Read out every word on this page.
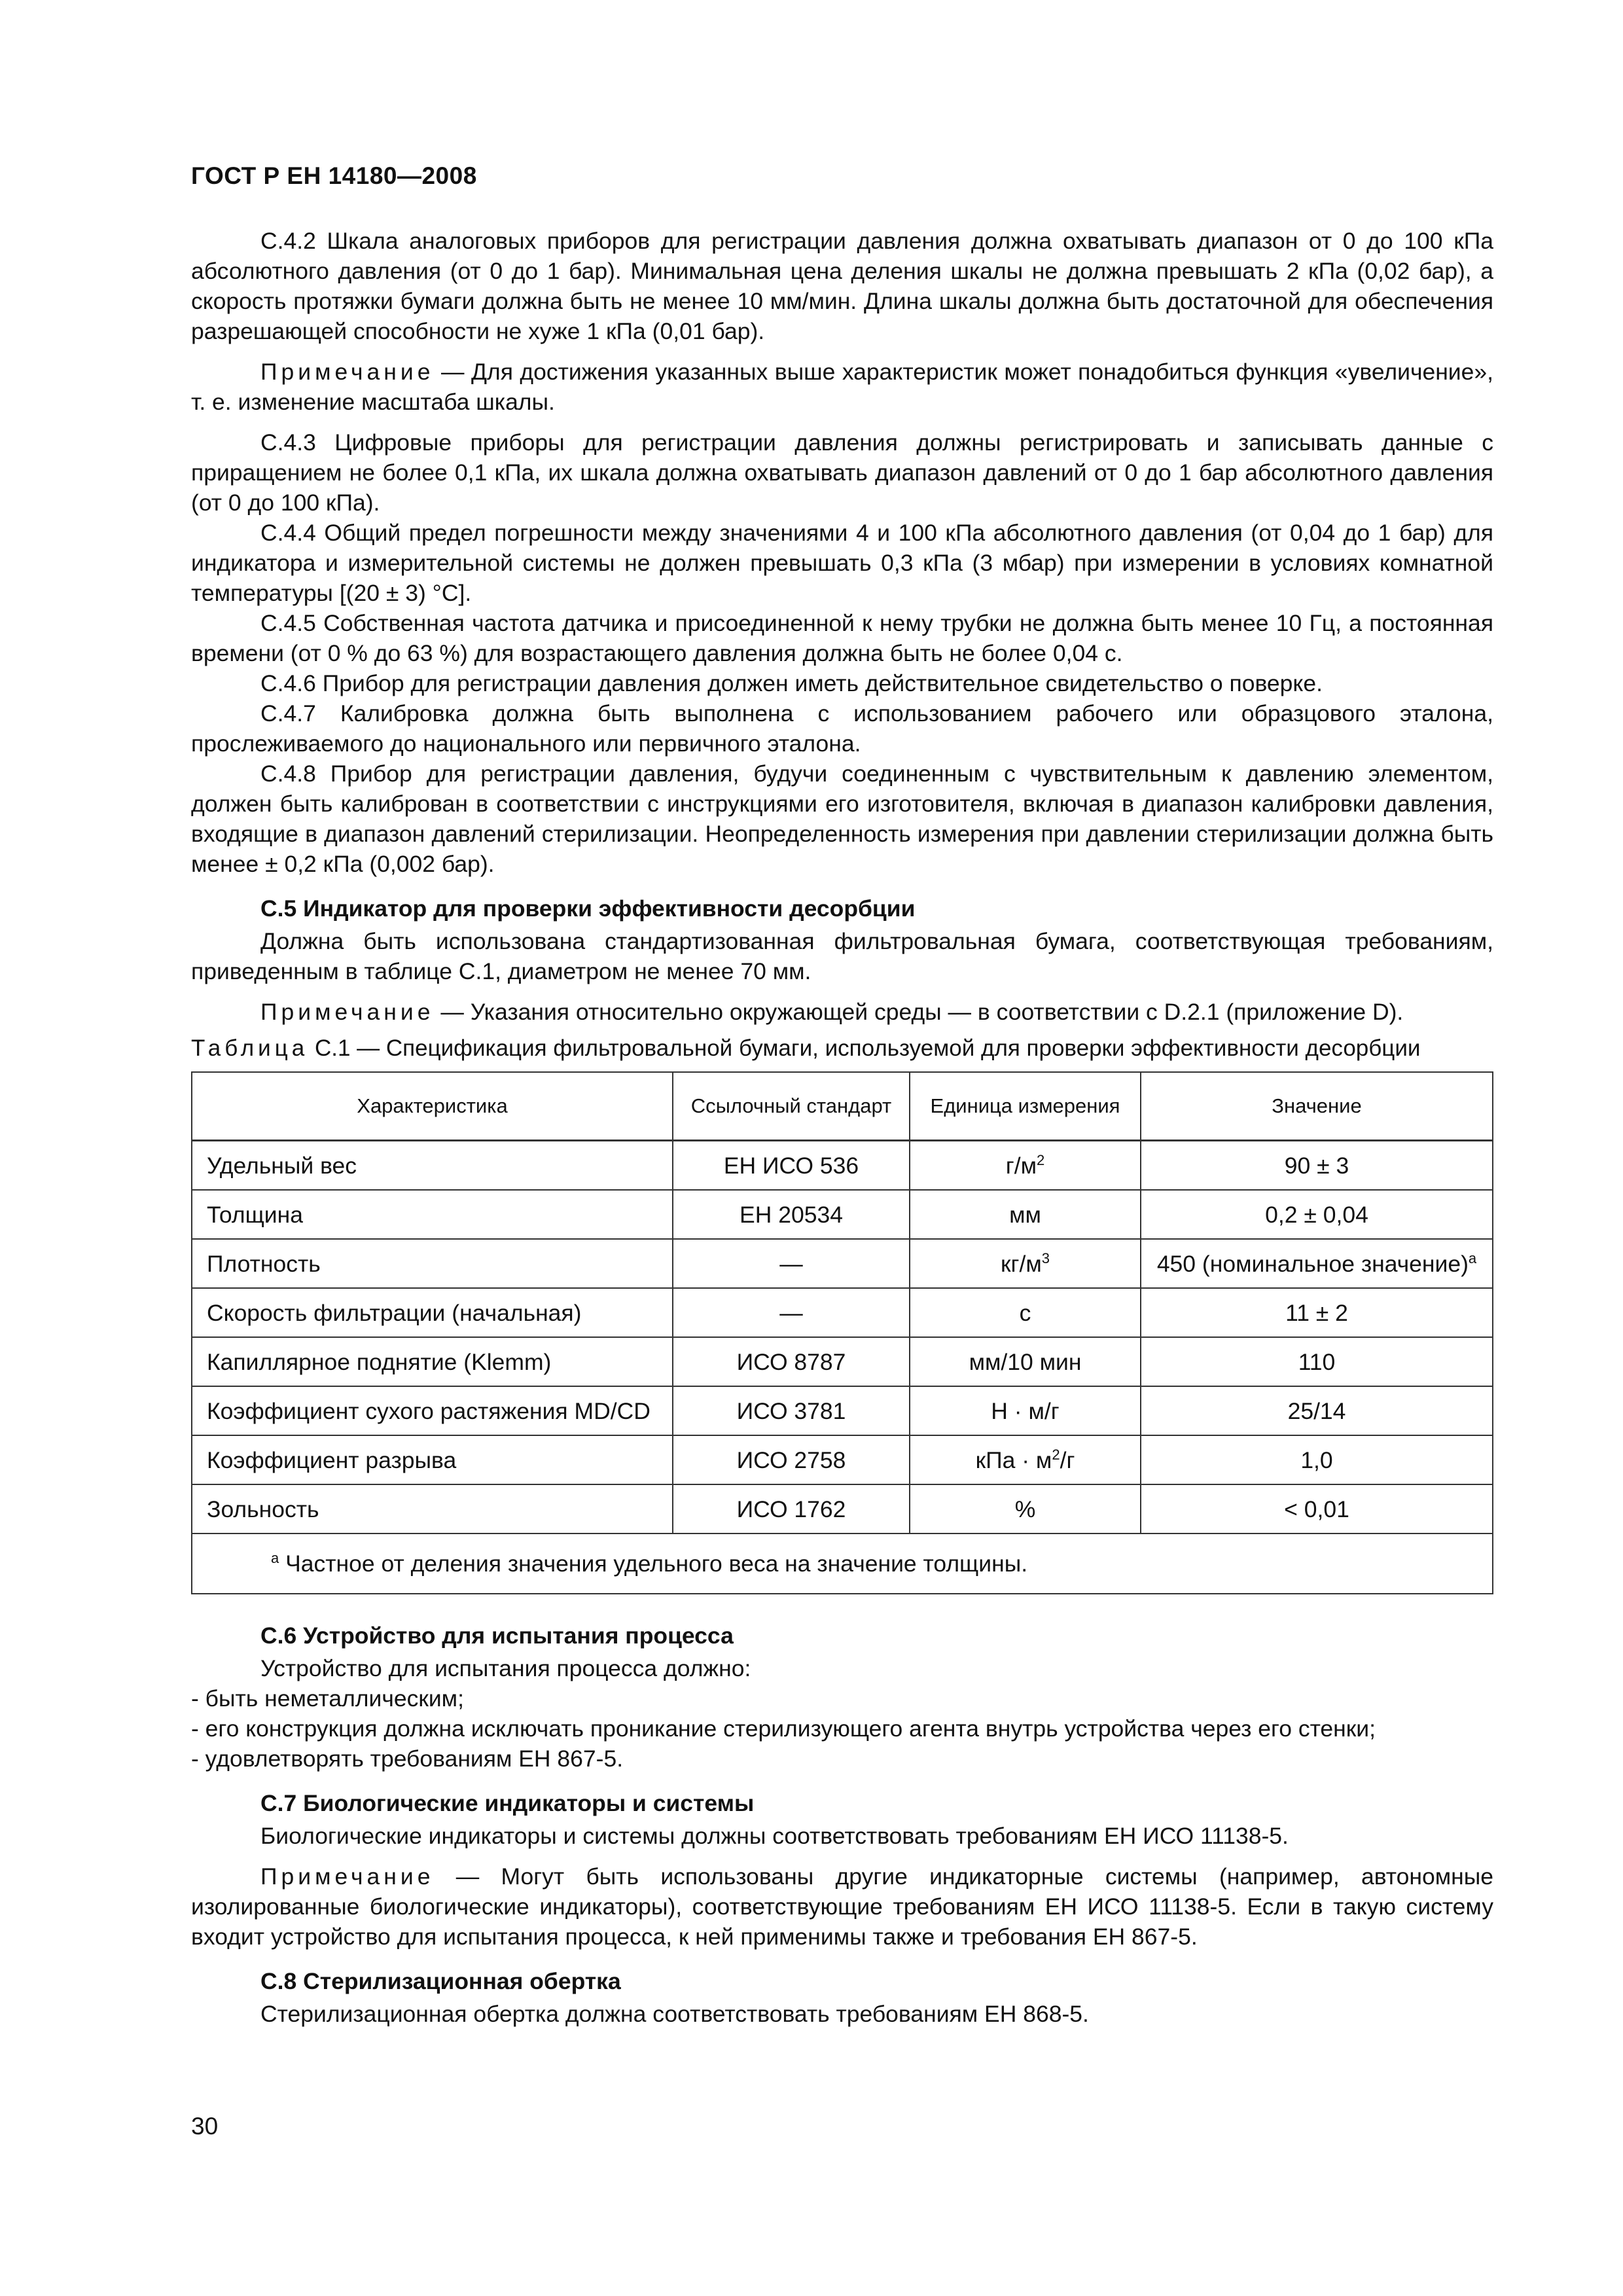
ГОСТ Р ЕН 14180—2008

С.4.2 Шкала аналоговых приборов для регистрации давления должна охватывать диапазон от 0 до 100 кПа абсолютного давления (от 0 до 1 бар). Минимальная цена деления шкалы не должна превышать 2 кПа (0,02 бар), а скорость протяжки бумаги должна быть не менее 10 мм/мин. Длина шкалы должна быть достаточной для обеспечения разрешающей способности не хуже 1 кПа (0,01 бар).

Примечание — Для достижения указанных выше характеристик может понадобиться функция «увеличение», т. е. изменение масштаба шкалы.

С.4.3 Цифровые приборы для регистрации давления должны регистрировать и записывать данные с приращением не более 0,1 кПа, их шкала должна охватывать диапазон давлений от 0 до 1 бар абсолютного давления (от 0 до 100 кПа).

С.4.4 Общий предел погрешности между значениями 4 и 100 кПа абсолютного давления (от 0,04 до 1 бар) для индикатора и измерительной системы не должен превышать 0,3 кПа (3 мбар) при измерении в условиях комнатной температуры [(20 ± 3) °С].

С.4.5 Собственная частота датчика и присоединенной к нему трубки не должна быть менее 10 Гц, а постоянная времени (от 0 % до 63 %) для возрастающего давления должна быть не более 0,04 с.

С.4.6 Прибор для регистрации давления должен иметь действительное свидетельство о поверке.

С.4.7 Калибровка должна быть выполнена с использованием рабочего или образцового эталона, прослеживаемого до национального или первичного эталона.

С.4.8 Прибор для регистрации давления, будучи соединенным с чувствительным к давлению элементом, должен быть калиброван в соответствии с инструкциями его изготовителя, включая в диапазон калибровки давления, входящие в диапазон давлений стерилизации. Неопределенность измерения при давлении стерилизации должна быть менее ± 0,2 кПа (0,002 бар).

С.5 Индикатор для проверки эффективности десорбции

Должна быть использована стандартизованная фильтровальная бумага, соответствующая требованиям, приведенным в таблице С.1, диаметром не менее 70 мм.

Примечание — Указания относительно окружающей среды — в соответствии с D.2.1 (приложение D).

Таблица С.1 — Спецификация фильтровальной бумаги, используемой для проверки эффективности десорбции

Характеристика	Ссылочный стандарт	Единица измерения	Значение
Удельный вес	ЕН ИСО 536	$г/м^2$	90 ± 3
Толщина	ЕН 20534	мм	0,2 ± 0,04
Плотность	—	$кг/м^3$	450 (номинальное значение)$^а$
Скорость фильтрации (начальная)	—	с	11 ± 2
Капиллярное поднятие (Klemm)	ИСО 8787	мм/10 мин	110
Коэффициент сухого растяжения MD/CD	ИСО 3781	Н · м/г	25/14
Коэффициент разрыва	ИСО 2758	кПа · $м^2/г$	1,0
Зольность	ИСО 1762	%	< 0,01
$^а$ Частное от деления значения удельного веса на значение толщины.			

С.6 Устройство для испытания процесса

Устройство для испытания процесса должно:

- быть неметаллическим;

- его конструкция должна исключать проникание стерилизующего агента внутрь устройства через его стенки;

- удовлетворять требованиям ЕН 867-5.

С.7 Биологические индикаторы и системы

Биологические индикаторы и системы должны соответствовать требованиям ЕН ИСО 11138-5.

Примечание — Могут быть использованы другие индикаторные системы (например, автономные изолированные биологические индикаторы), соответствующие требованиям ЕН ИСО 11138-5. Если в такую систему входит устройство для испытания процесса, к ней применимы также и требования ЕН 867-5.

С.8 Стерилизационная обертка

Стерилизационная обертка должна соответствовать требованиям ЕН 868-5.

30
